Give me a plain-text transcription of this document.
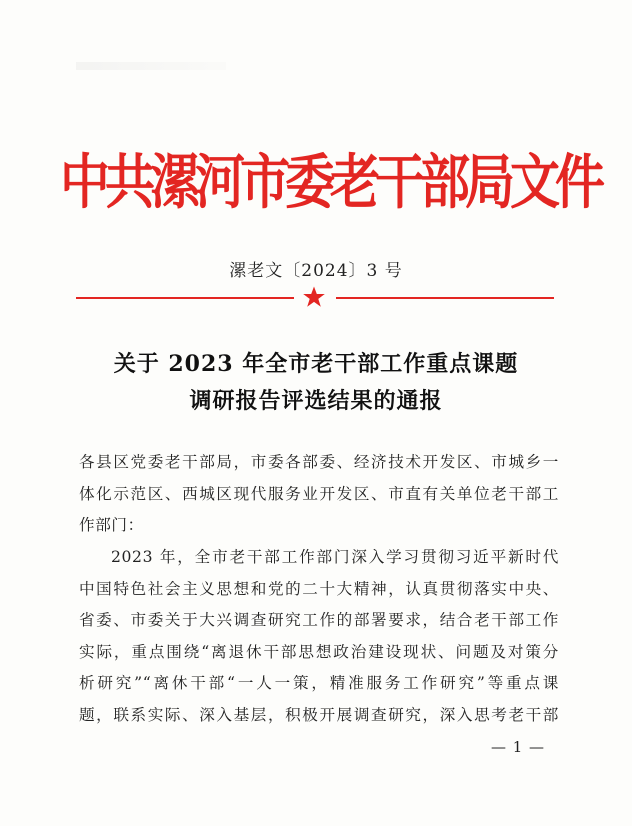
中共漯河市委老干部局文件
漯老文〔2024〕3 号
关于 2023 年全市老干部工作重点课题
调研报告评选结果的通报
各县区党委老干部局，市委各部委、经济技术开发区、市城乡一
体化示范区、西城区现代服务业开发区、市直有关单位老干部工
作部门：
2023 年，全市老干部工作部门深入学习贯彻习近平新时代
中国特色社会主义思想和党的二十大精神，认真贯彻落实中央、
省委、市委关于大兴调查研究工作的部署要求，结合老干部工作
实际，重点围绕“离退休干部思想政治建设现状、问题及对策分
析研究”“离休干部“一人一策，精准服务工作研究”等重点课
题，联系实际、深入基层，积极开展调查研究，深入思考老干部
— 1 —
